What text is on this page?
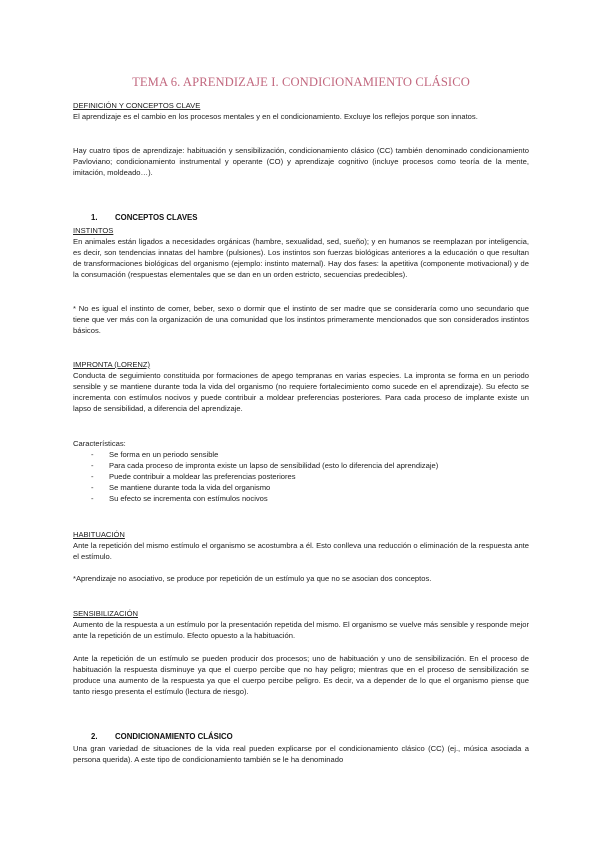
TEMA 6. APRENDIZAJE I. CONDICIONAMIENTO CLÁSICO
DEFINICIÓN Y CONCEPTOS CLAVE
El aprendizaje es el cambio en los procesos mentales y en el condicionamiento. Excluye los reflejos porque son innatos.
Hay cuatro tipos de aprendizaje: habituación y sensibilización, condicionamiento clásico (CC) también denominado condicionamiento Pavloviano; condicionamiento instrumental y operante (CO) y aprendizaje cognitivo (incluye procesos como teoría de la mente, imitación, moldeado…).
1. CONCEPTOS CLAVES
INSTINTOS
En animales están ligados a necesidades orgánicas (hambre, sexualidad, sed, sueño); y en humanos se reemplazan por inteligencia, es decir, son tendencias innatas del hambre (pulsiones). Los instintos son fuerzas biológicas anteriores a la educación o que resultan de transformaciones biológicas del organismo (ejemplo: instinto maternal). Hay dos fases: la apetitiva (componente motivacional) y de la consumación (respuestas elementales que se dan en un orden estricto, secuencias predecibles).
* No es igual el instinto de comer, beber, sexo o dormir que el instinto de ser madre que se consideraría como uno secundario que tiene que ver más con la organización de una comunidad que los instintos primeramente mencionados que son considerados instintos básicos.
IMPRONTA (LORENZ)
Conducta de seguimiento constituida por formaciones de apego tempranas en varias especies. La impronta se forma en un periodo sensible y se mantiene durante toda la vida del organismo (no requiere fortalecimiento como sucede en el aprendizaje). Su efecto se incrementa con estímulos nocivos y puede contribuir a moldear preferencias posteriores. Para cada proceso de implante existe un lapso de sensibilidad, a diferencia del aprendizaje.
Características:
- Se forma en un periodo sensible
- Para cada proceso de impronta existe un lapso de sensibilidad (esto lo diferencia del aprendizaje)
- Puede contribuir a moldear las preferencias posteriores
- Se mantiene durante toda la vida del organismo
- Su efecto se incrementa con estímulos nocivos
HABITUACIÓN
Ante la repetición del mismo estímulo el organismo se acostumbra a él. Esto conlleva una reducción o eliminación de la respuesta ante el estímulo.
*Aprendizaje no asociativo, se produce por repetición de un estímulo ya que no se asocian dos conceptos.
SENSIBILIZACIÓN
Aumento de la respuesta a un estímulo por la presentación repetida del mismo. El organismo se vuelve más sensible y responde mejor ante la repetición de un estímulo. Efecto opuesto a la habituación.
Ante la repetición de un estímulo se pueden producir dos procesos; uno de habituación y uno de sensibilización. En el proceso de habituación la respuesta disminuye ya que el cuerpo percibe que no hay peligro; mientras que en el proceso de sensibilización se produce una aumento de la respuesta ya que el cuerpo percibe peligro. Es decir, va a depender de lo que el organismo piense que tanto riesgo presenta el estímulo (lectura de riesgo).
2. CONDICIONAMIENTO CLÁSICO
Una gran variedad de situaciones de la vida real pueden explicarse por el condicionamiento clásico (CC) (ej., música asociada a persona querida). A este tipo de condicionamiento también se le ha denominado
